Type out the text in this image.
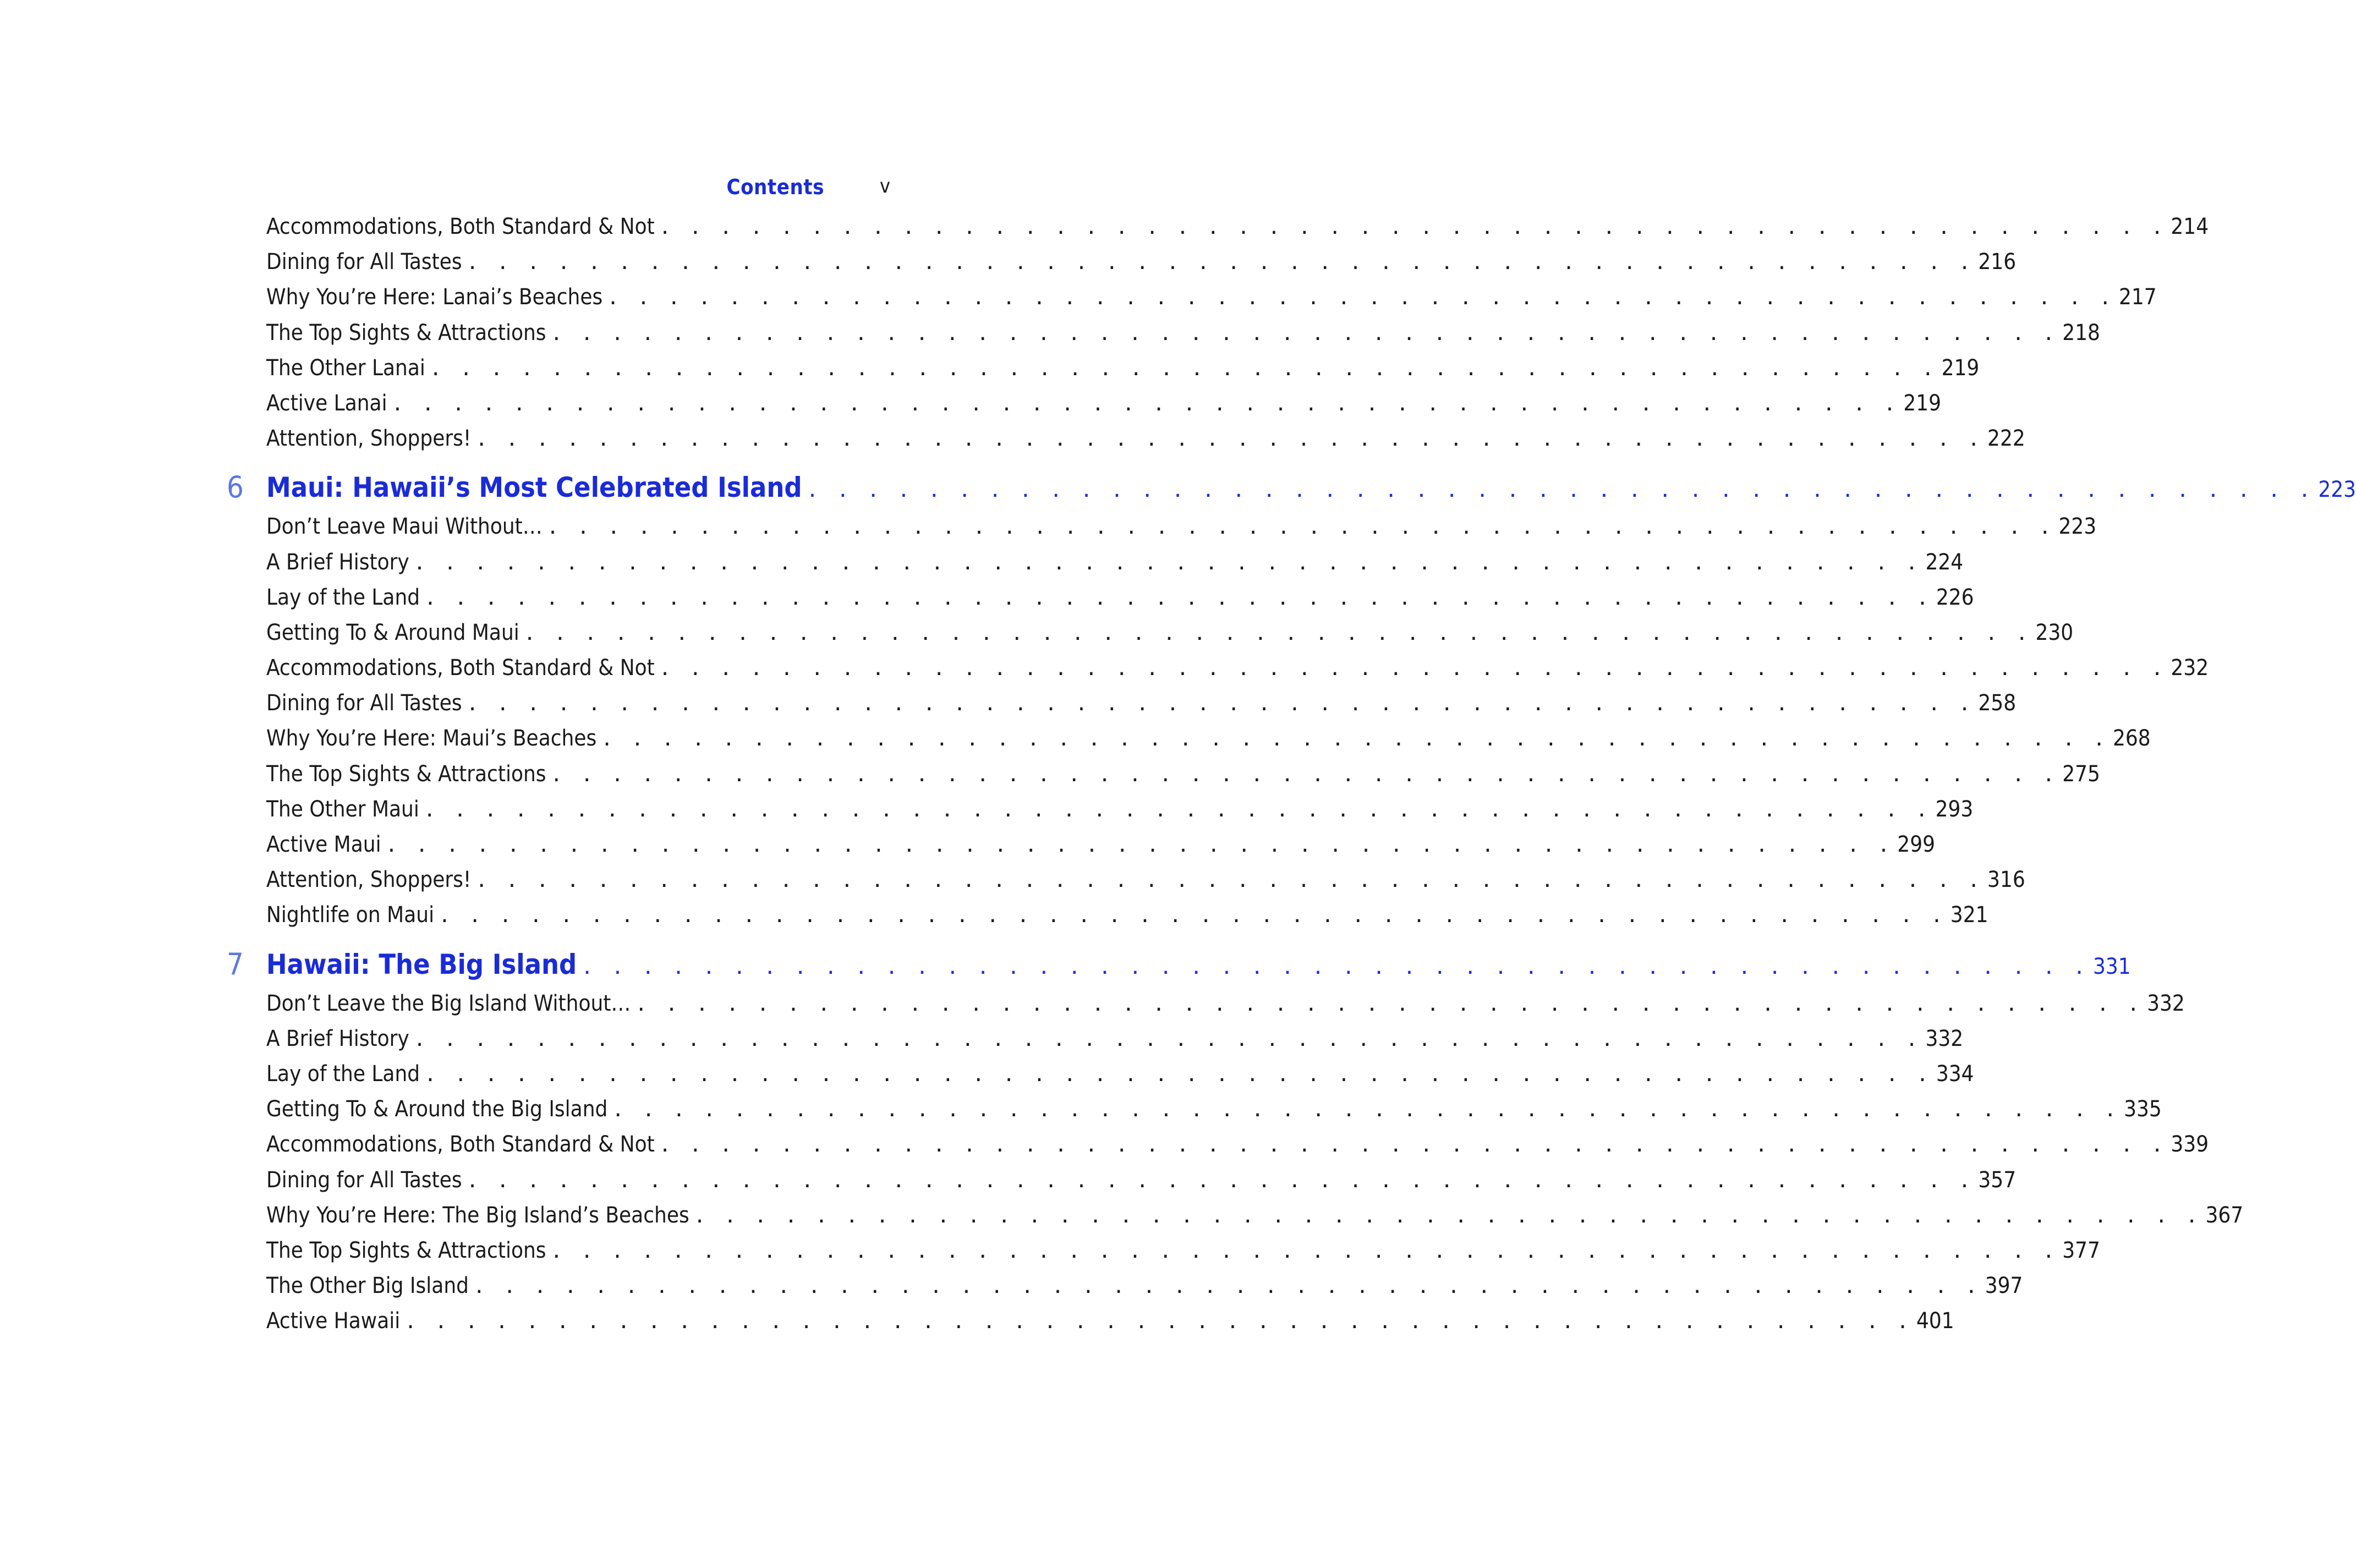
Contents	v
Accommodations, Both Standard & Not . . . . . . . . . . . . . . . . . . . . . . . . . . . . . . . . . . . . . . . . . . . . . . . . . . 214
Dining for All Tastes . . . . . . . . . . . . . . . . . . . . . . . . . . . . . . . . . . . . . . . . . . . . . . . . . . 216
Why You’re Here: Lanai’s Beaches . . . . . . . . . . . . . . . . . . . . . . . . . . . . . . . . . . . . . . . . . . . . . . . . . . 217
The Top Sights & Attractions . . . . . . . . . . . . . . . . . . . . . . . . . . . . . . . . . . . . . . . . . . . . . . . . . . 218
The Other Lanai . . . . . . . . . . . . . . . . . . . . . . . . . . . . . . . . . . . . . . . . . . . . . . . . . . 219
Active Lanai . . . . . . . . . . . . . . . . . . . . . . . . . . . . . . . . . . . . . . . . . . . . . . . . . . 219
Attention, Shoppers! . . . . . . . . . . . . . . . . . . . . . . . . . . . . . . . . . . . . . . . . . . . . . . . . . . 222
6 Maui: Hawaii’s Most Celebrated Island . . . . . . . . . . . . . . . . . . . . . . . . . . . . . . . . . . . . . . . . . . . . . . . . . . 223
Don’t Leave Maui Without… . . . . . . . . . . . . . . . . . . . . . . . . . . . . . . . . . . . . . . . . . . . . . . . . . . 223
A Brief History . . . . . . . . . . . . . . . . . . . . . . . . . . . . . . . . . . . . . . . . . . . . . . . . . . 224
Lay of the Land . . . . . . . . . . . . . . . . . . . . . . . . . . . . . . . . . . . . . . . . . . . . . . . . . . 226
Getting To & Around Maui . . . . . . . . . . . . . . . . . . . . . . . . . . . . . . . . . . . . . . . . . . . . . . . . . . 230
Accommodations, Both Standard & Not . . . . . . . . . . . . . . . . . . . . . . . . . . . . . . . . . . . . . . . . . . . . . . . . . . 232
Dining for All Tastes . . . . . . . . . . . . . . . . . . . . . . . . . . . . . . . . . . . . . . . . . . . . . . . . . . 258
Why You’re Here: Maui’s Beaches . . . . . . . . . . . . . . . . . . . . . . . . . . . . . . . . . . . . . . . . . . . . . . . . . . 268
The Top Sights & Attractions . . . . . . . . . . . . . . . . . . . . . . . . . . . . . . . . . . . . . . . . . . . . . . . . . . 275
The Other Maui . . . . . . . . . . . . . . . . . . . . . . . . . . . . . . . . . . . . . . . . . . . . . . . . . . 293
Active Maui . . . . . . . . . . . . . . . . . . . . . . . . . . . . . . . . . . . . . . . . . . . . . . . . . . 299
Attention, Shoppers! . . . . . . . . . . . . . . . . . . . . . . . . . . . . . . . . . . . . . . . . . . . . . . . . . . 316
Nightlife on Maui . . . . . . . . . . . . . . . . . . . . . . . . . . . . . . . . . . . . . . . . . . . . . . . . . . 321
7 Hawaii: The Big Island . . . . . . . . . . . . . . . . . . . . . . . . . . . . . . . . . . . . . . . . . . . . . . . . . . 331
Don’t Leave the Big Island Without… . . . . . . . . . . . . . . . . . . . . . . . . . . . . . . . . . . . . . . . . . . . . . . . . . . 332
A Brief History . . . . . . . . . . . . . . . . . . . . . . . . . . . . . . . . . . . . . . . . . . . . . . . . . . 332
Lay of the Land . . . . . . . . . . . . . . . . . . . . . . . . . . . . . . . . . . . . . . . . . . . . . . . . . . 334
Getting To & Around the Big Island . . . . . . . . . . . . . . . . . . . . . . . . . . . . . . . . . . . . . . . . . . . . . . . . . . 335
Accommodations, Both Standard & Not . . . . . . . . . . . . . . . . . . . . . . . . . . . . . . . . . . . . . . . . . . . . . . . . . . 339
Dining for All Tastes . . . . . . . . . . . . . . . . . . . . . . . . . . . . . . . . . . . . . . . . . . . . . . . . . . 357
Why You’re Here: The Big Island’s Beaches . . . . . . . . . . . . . . . . . . . . . . . . . . . . . . . . . . . . . . . . . . . . . . . . . . 367
The Top Sights & Attractions . . . . . . . . . . . . . . . . . . . . . . . . . . . . . . . . . . . . . . . . . . . . . . . . . . 377
The Other Big Island . . . . . . . . . . . . . . . . . . . . . . . . . . . . . . . . . . . . . . . . . . . . . . . . . . 397
Active Hawaii . . . . . . . . . . . . . . . . . . . . . . . . . . . . . . . . . . . . . . . . . . . . . . . . . . 401
